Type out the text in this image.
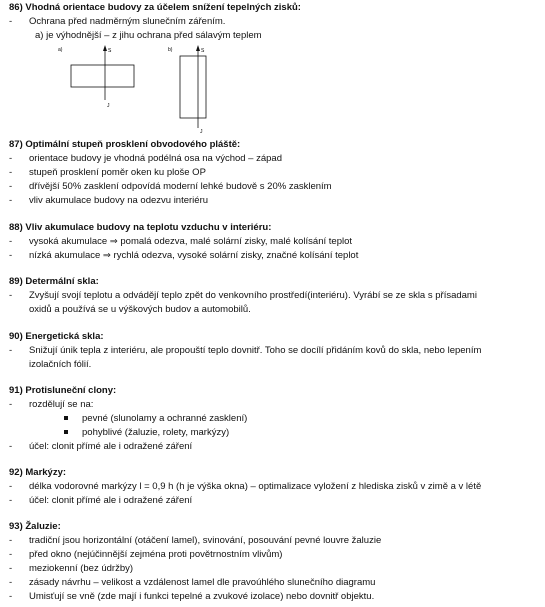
86) Vhodná orientace budovy za účelem snížení tepelných zisků:
- Ochrana před nadměrným slunečním zářením.
a) je výhodnější – z jihu ochrana před sálavým teplem
a)	S
J
b)	S
J
87) Optimální stupeň prosklení obvodového pláště:
- orientace budovy je vhodná podélná osa na východ – západ
- stupeň prosklení poměr oken ku ploše OP
- dřívější 50% zasklení odpovídá moderní lehké budově s 20% zasklením
- vliv akumulace budovy na odezvu interiéru
88) Vliv akumulace budovy na teplotu vzduchu v interiéru:
- vysoká akumulace ⇒ pomalá odezva, malé solární zisky, malé kolísání teplot
- nízká akumulace ⇒ rychlá odezva, vysoké solární zisky, značné kolísání teplot
89) Determální skla:
- Zvyšují svojí teplotu a odvádějí teplo zpět do venkovního prostředí(interiéru). Vyrábí se ze skla s přísadami
oxidů a používá se u výškových budov a automobilů.
90) Energetická skla:
- Snižují únik tepla z interiéru, ale propouští teplo dovnitř. Toho se docílí přidáním kovů do skla, nebo lepením
izolačních fólií.
91) Protisluneční clony:
- rozdělují se na:
pevné (slunolamy a ochranné zasklení)
pohyblivé (žaluzie, rolety, markýzy)
- účel: clonit přímé ale i odražené záření
92) Markýzy:
- délka vodorovné markýzy l = 0,9 h (h je výška okna) – optimalizace vyložení z hlediska zisků v zimě a v létě
- účel: clonit přímé ale i odražené záření
93) Žaluzie:
- tradiční jsou horizontální (otáčení lamel), svinování, posouvání pevné louvre žaluzie
- před okno (nejúčinnější zejména proti povětrnostním vlivům)
- meziokenní (bez údržby)
- zásady návrhu – velikost a vzdálenost lamel dle pravoúhlého slunečního diagramu
- Umisťují se vně (zde mají i funkci tepelné a zvukové izolace) nebo dovnitř objektu.
